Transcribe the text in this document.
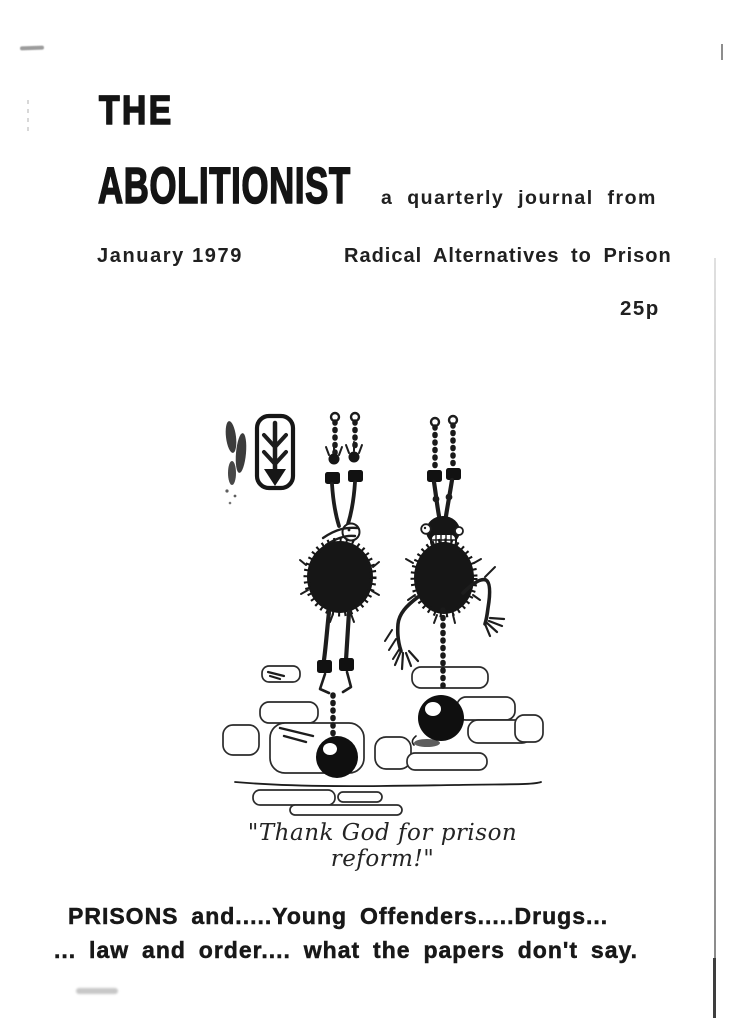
THE
ABOLITIONIST a quarterly journal from
January 1979	Radical Alternatives to Prison
25p
"Thank God for prison reform!"
PRISONS and.....Young Offenders.....Drugs...
... law and order.... what the papers don't say.
